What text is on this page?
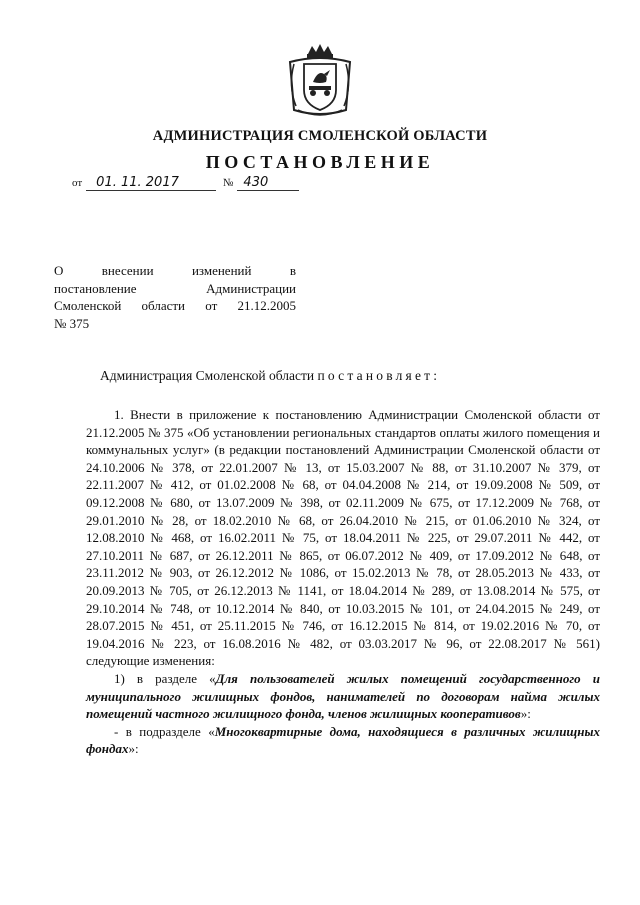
АДМИНИСТРАЦИЯ СМОЛЕНСКОЙ ОБЛАСТИ
ПОСТАНОВЛЕНИЕ
от 01. 11. 2017	№ 430
О внесении изменений в
постановление Администрации
Смоленской области от 21.12.2005
№ 375
Администрация Смоленской области постановляет:

1. Внести в приложение к постановлению Администрации Смоленской области от 21.12.2005 № 375 «Об установлении региональных стандартов оплаты жилого помещения и коммунальных услуг» (в редакции постановлений Администрации Смоленской области от 24.10.2006 № 378, от 22.01.2007 № 13, от 15.03.2007 № 88, от 31.10.2007 № 379, от 22.11.2007 № 412, от 01.02.2008 № 68, от 04.04.2008 № 214, от 19.09.2008 № 509, от 09.12.2008 № 680, от 13.07.2009 № 398, от 02.11.2009 № 675, от 17.12.2009 № 768, от 29.01.2010 № 28, от 18.02.2010 № 68, от 26.04.2010 № 215, от 01.06.2010 № 324, от 12.08.2010 № 468, от 16.02.2011 № 75, от 18.04.2011 № 225, от 29.07.2011 № 442, от 27.10.2011 № 687, от 26.12.2011 № 865, от 06.07.2012 № 409, от 17.09.2012 № 648, от 23.11.2012 № 903, от 26.12.2012 № 1086, от 15.02.2013 № 78, от 28.05.2013 № 433, от 20.09.2013 № 705, от 26.12.2013 № 1141, от 18.04.2014 № 289, от 13.08.2014 № 575, от 29.10.2014 № 748, от 10.12.2014 № 840, от 10.03.2015 № 101, от 24.04.2015 № 249, от 28.07.2015 № 451, от 25.11.2015 № 746, от 16.12.2015 № 814, от 19.02.2016 № 70, от 19.04.2016 № 223, от 16.08.2016 № 482, от 03.03.2017 № 96, от 22.08.2017 № 561) следующие изменения:

1) в разделе «Для пользователей жилых помещений государственного и муниципального жилищных фондов, нанимателей по договорам найма жилых помещений частного жилищного фонда, членов жилищных кооперативов»:

- в подразделе «Многоквартирные дома, находящиеся в различных жилищных фондах»:
